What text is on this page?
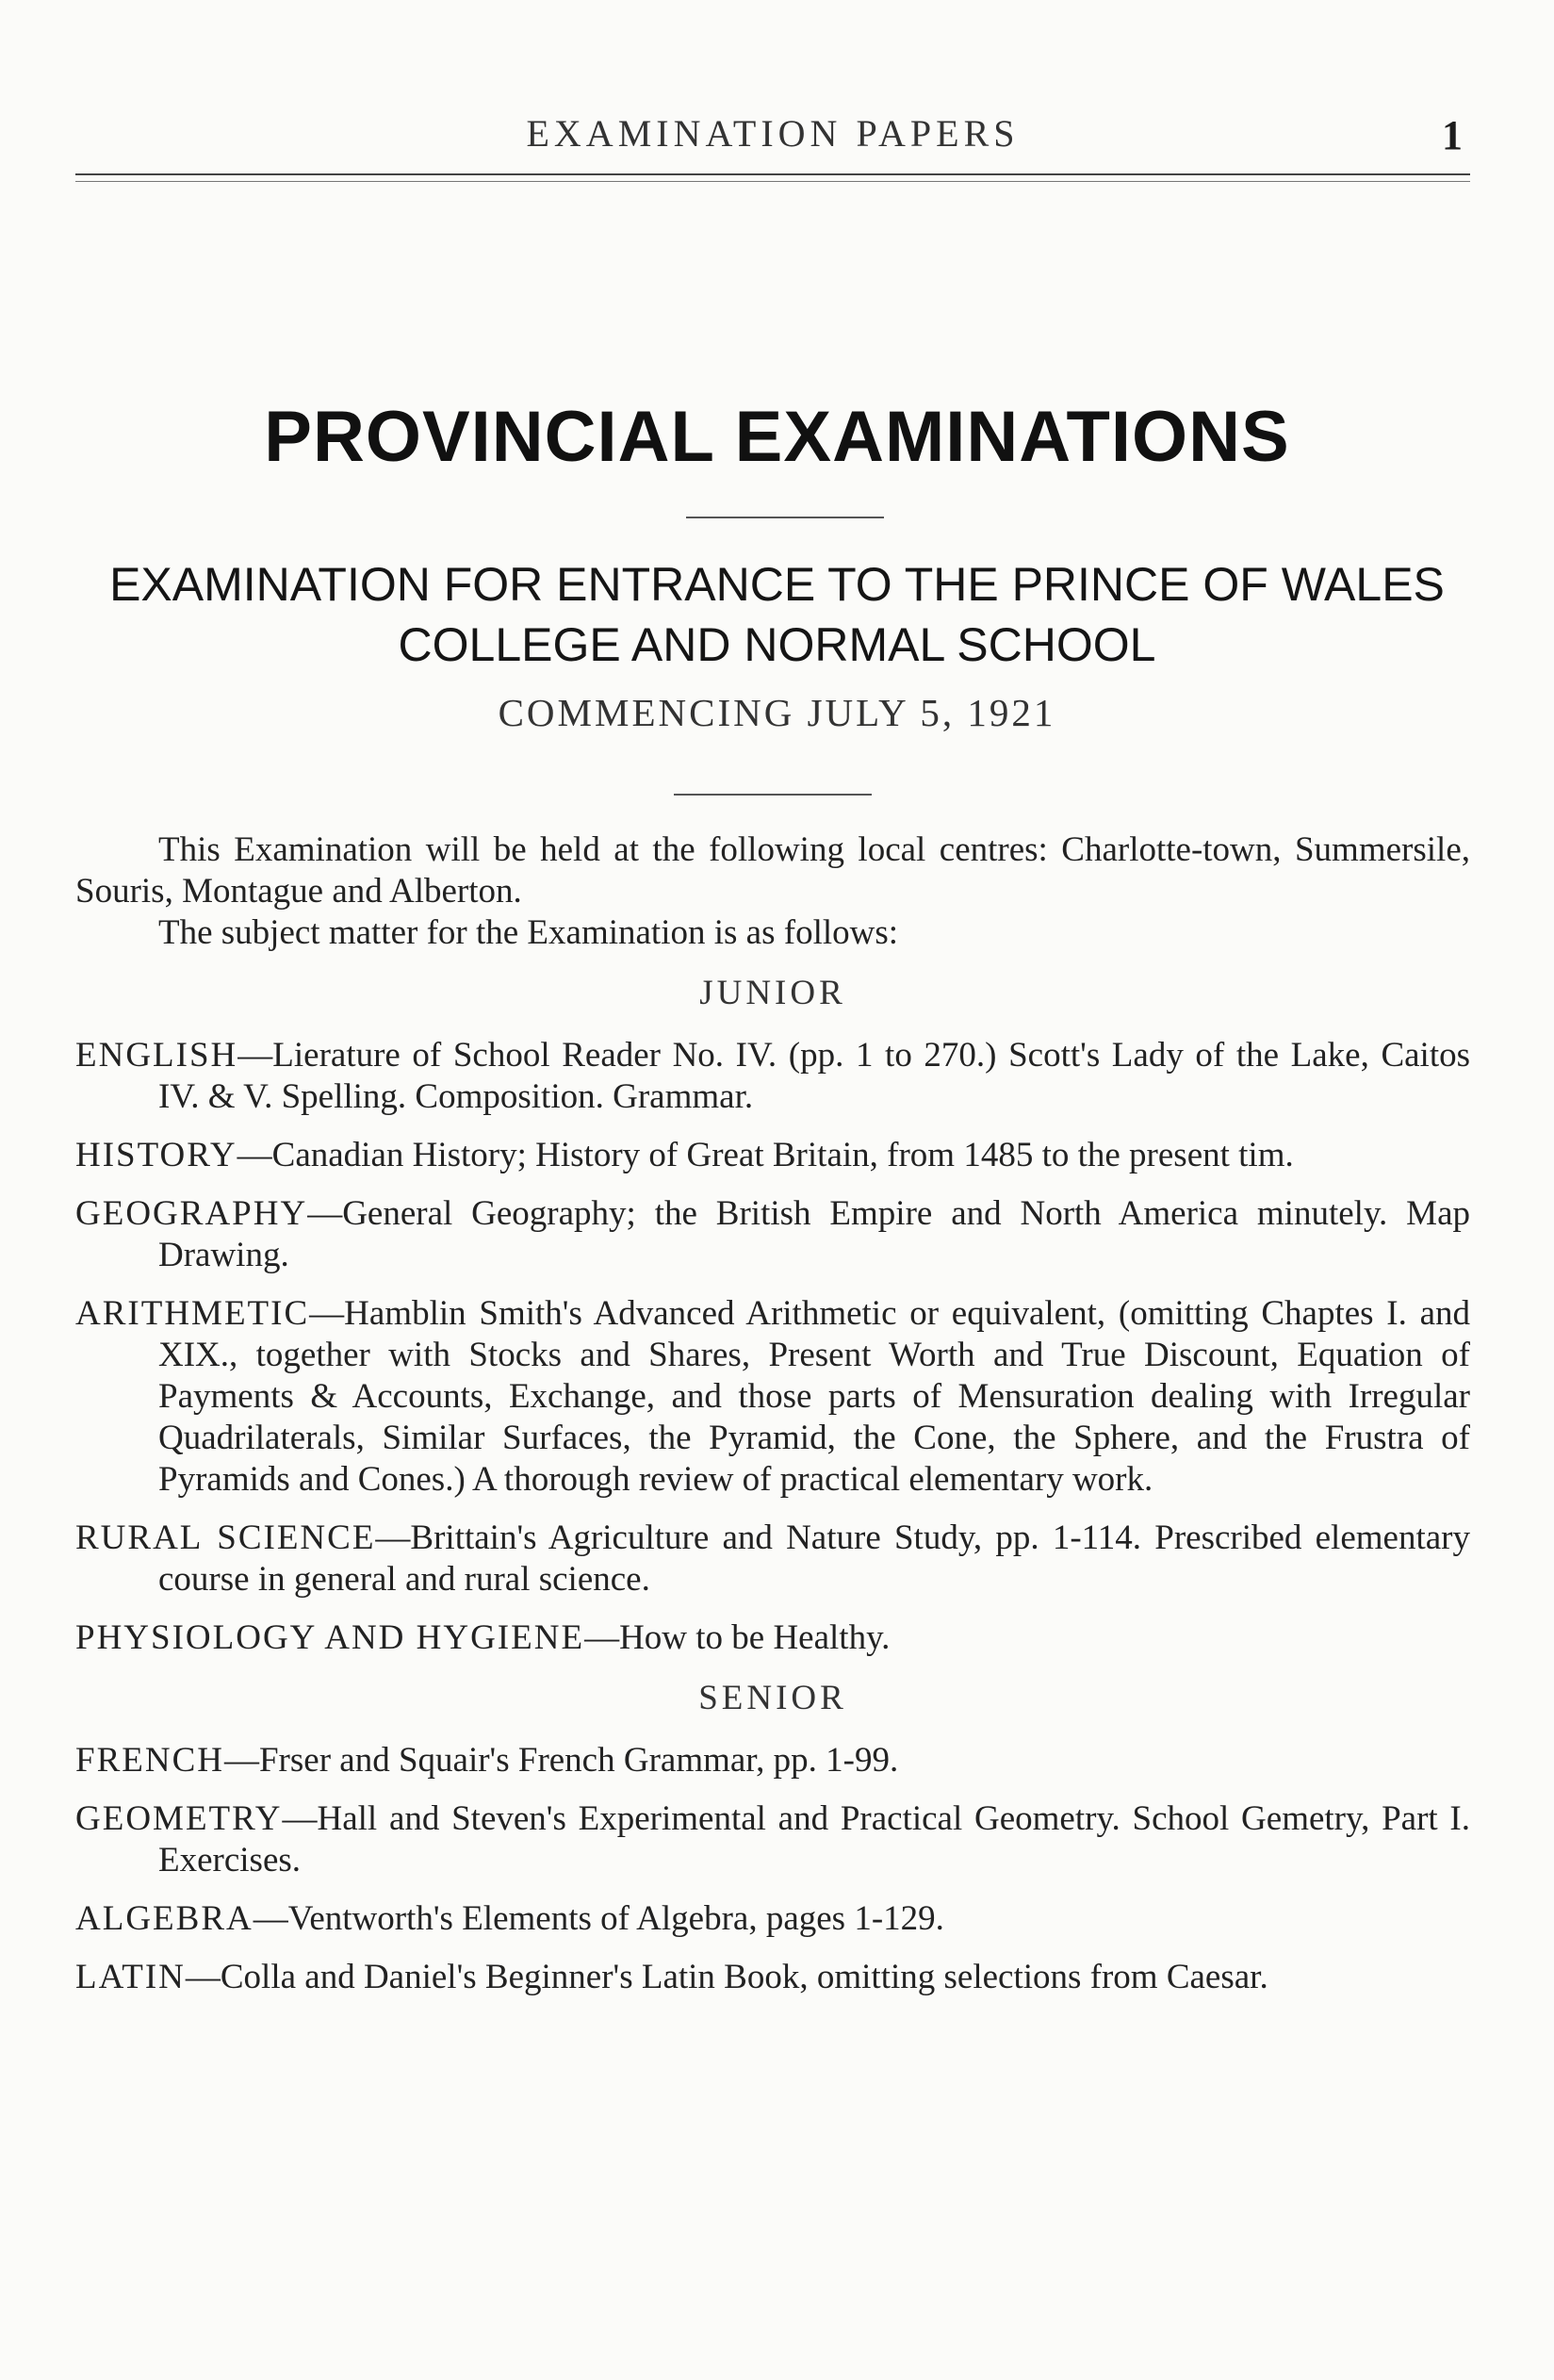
EXAMINATION PAPERS	1
PROVINCIAL EXAMINATIONS
EXAMINATION FOR ENTRANCE TO THE PRINCE OF WALES
COLLEGE AND NORMAL SCHOOL
COMMENCING JULY 5, 1921

This Examination will be held at the following local centres: Charlotte-town, Summersile, Souris, Montague and Alberton.

The subject matter for the Examination is as follows:

JUNIOR

ENGLISH—Lierature of School Reader No. IV. (pp. 1 to 270.) Scott's Lady of the Lake, Caitos IV. & V. Spelling. Composition. Grammar.

HISTORY—Canadian History; History of Great Britain, from 1485 to the present tim.

GEOGRAPHY—General Geography; the British Empire and North America minutely. Map Drawing.

ARITHMETIC—Hamblin Smith's Advanced Arithmetic or equivalent, (omitting Chaptes I. and XIX., together with Stocks and Shares, Present Worth and True Discount, Equation of Payments & Accounts, Exchange, and those parts of Mensuration dealing with Irregular Quadrilaterals, Similar Surfaces, the Pyramid, the Cone, the Sphere, and the Frustra of Pyramids and Cones.) A thorough review of practical elementary work.

RURAL SCIENCE—Brittain's Agriculture and Nature Study, pp. 1-114. Prescribed elementary course in general and rural science.

PHYSIOLOGY AND HYGIENE—How to be Healthy.

SENIOR

FRENCH—Frser and Squair's French Grammar, pp. 1-99.

GEOMETRY—Hall and Steven's Experimental and Practical Geometry. School Gemetry, Part I. Exercises.

ALGEBRA—Ventworth's Elements of Algebra, pages 1-129.

LATIN—Colla and Daniel's Beginner's Latin Book, omitting selections from Caesar.
